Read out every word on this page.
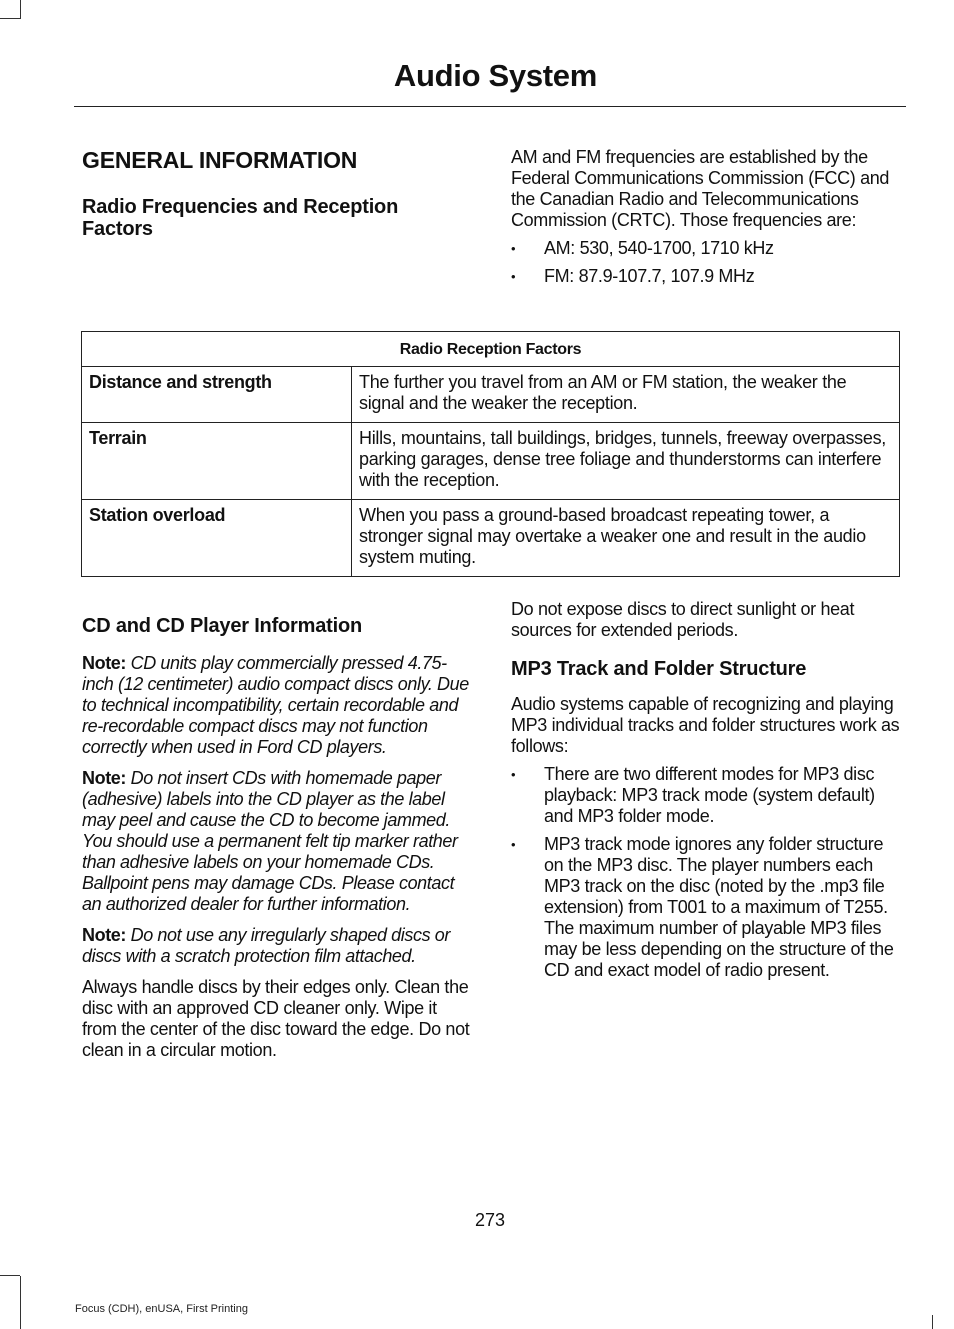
Audio System
GENERAL INFORMATION
Radio Frequencies and Reception Factors

AM and FM frequencies are established by the Federal Communications Commission (FCC) and the Canadian Radio and Telecommunications Commission (CRTC). Those frequencies are:

• AM: 530, 540-1700, 1710 kHz
• FM: 87.9-107.7, 107.9 MHz
Radio Reception Factors	
Distance and strength	The further you travel from an AM or FM station, the weaker the signal and the weaker the reception.
Terrain	Hills, mountains, tall buildings, bridges, tunnels, freeway overpasses, parking garages, dense tree foliage and thunderstorms can interfere with the reception.
Station overload	When you pass a ground-based broadcast repeating tower, a stronger signal may overtake a weaker one and result in the audio system muting.
CD and CD Player Information

Note: CD units play commercially pressed 4.75-inch (12 centimeter) audio compact discs only. Due to technical incompatibility, certain recordable and re-recordable compact discs may not function correctly when used in Ford CD players.

Note: Do not insert CDs with homemade paper (adhesive) labels into the CD player as the label may peel and cause the CD to become jammed. You should use a permanent felt tip marker rather than adhesive labels on your homemade CDs. Ballpoint pens may damage CDs. Please contact an authorized dealer for further information.

Note: Do not use any irregularly shaped discs or discs with a scratch protection film attached.

Always handle discs by their edges only. Clean the disc with an approved CD cleaner only. Wipe it from the center of the disc toward the edge. Do not clean in a circular motion.

Do not expose discs to direct sunlight or heat sources for extended periods.

MP3 Track and Folder Structure

Audio systems capable of recognizing and playing MP3 individual tracks and folder structures work as follows:

• There are two different modes for MP3 disc playback: MP3 track mode (system default) and MP3 folder mode.
• MP3 track mode ignores any folder structure on the MP3 disc. The player numbers each MP3 track on the disc (noted by the .mp3 file extension) from T001 to a maximum of T255. The maximum number of playable MP3 files may be less depending on the structure of the CD and exact model of radio present.
273
Focus (CDH), enUSA, First Printing
